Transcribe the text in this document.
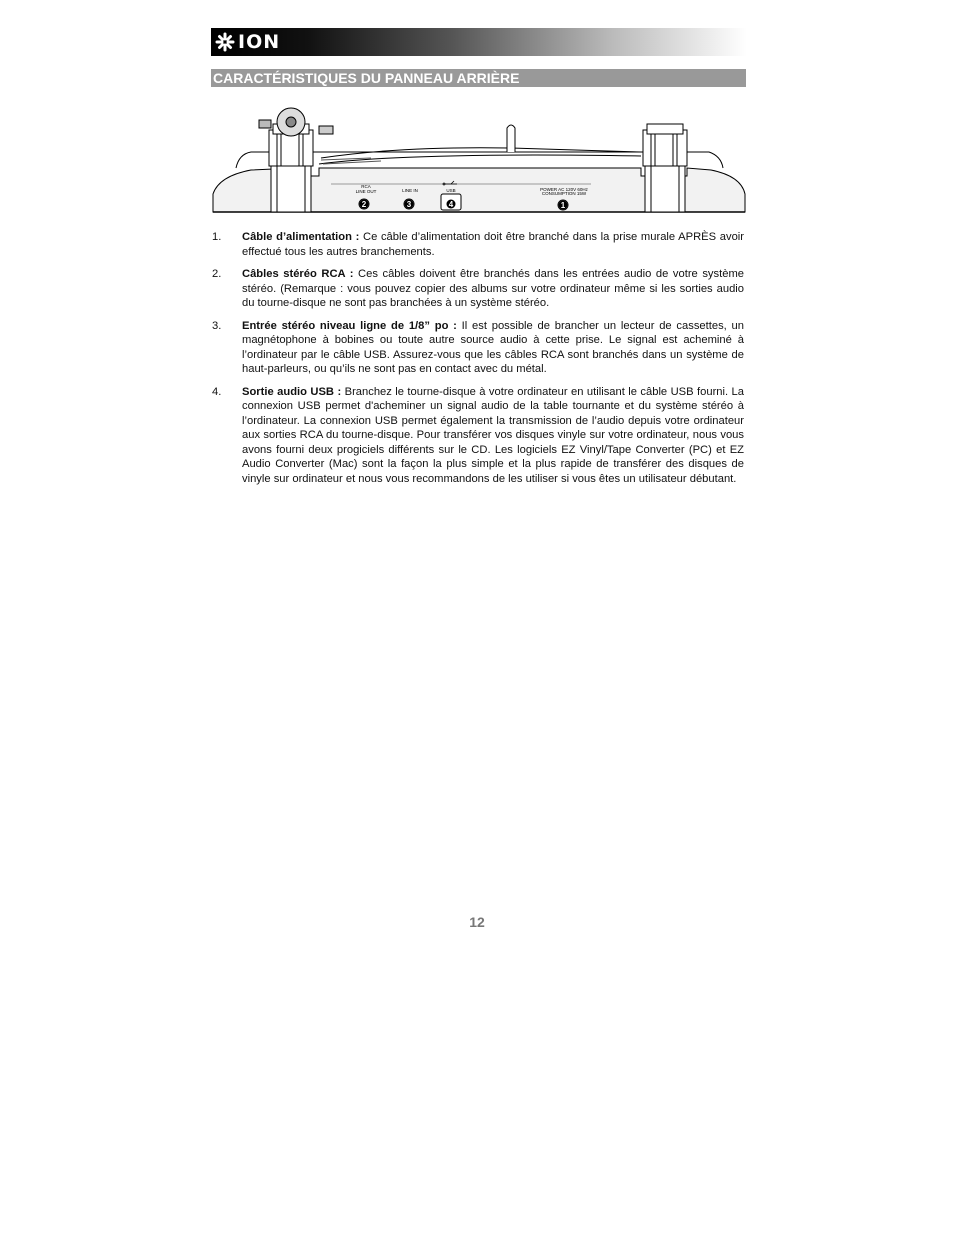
ION
CARACTÉRISTIQUES DU PANNEAU ARRIÈRE
RCA
LINE OUT	LINE IN	USB	POWER AC 120V 60Hz
CONSUMPTION 15W
2	3	4	1
1. Câble d’alimentation : Ce câble d’alimentation doit être branché dans la prise murale APRÈS avoir effectué tous les autres branchements.
2. Câbles stéréo RCA : Ces câbles doivent être branchés dans les entrées audio de votre système stéréo. (Remarque : vous pouvez copier des albums sur votre ordinateur même si les sorties audio du tourne-disque ne sont pas branchées à un système stéréo.
3. Entrée stéréo niveau ligne de 1/8” po : Il est possible de brancher un lecteur de cassettes, un magnétophone à bobines ou toute autre source audio à cette prise. Le signal est acheminé à l’ordinateur par le câble USB. Assurez-vous que les câbles RCA sont branchés dans un système de haut-parleurs, ou qu’ils ne sont pas en contact avec du métal.
4. Sortie audio USB : Branchez le tourne-disque à votre ordinateur en utilisant le câble USB fourni. La connexion USB permet d'acheminer un signal audio de la table tournante et du système stéréo à l’ordinateur. La connexion USB permet également la transmission de l’audio depuis votre ordinateur aux sorties RCA du tourne-disque. Pour transférer vos disques vinyle sur votre ordinateur, nous vous avons fourni deux progiciels différents sur le CD. Les logiciels EZ Vinyl/Tape Converter (PC) et EZ Audio Converter (Mac) sont la façon la plus simple et la plus rapide de transférer des disques de vinyle sur ordinateur et nous vous recommandons de les utiliser si vous êtes un utilisateur débutant.
12
